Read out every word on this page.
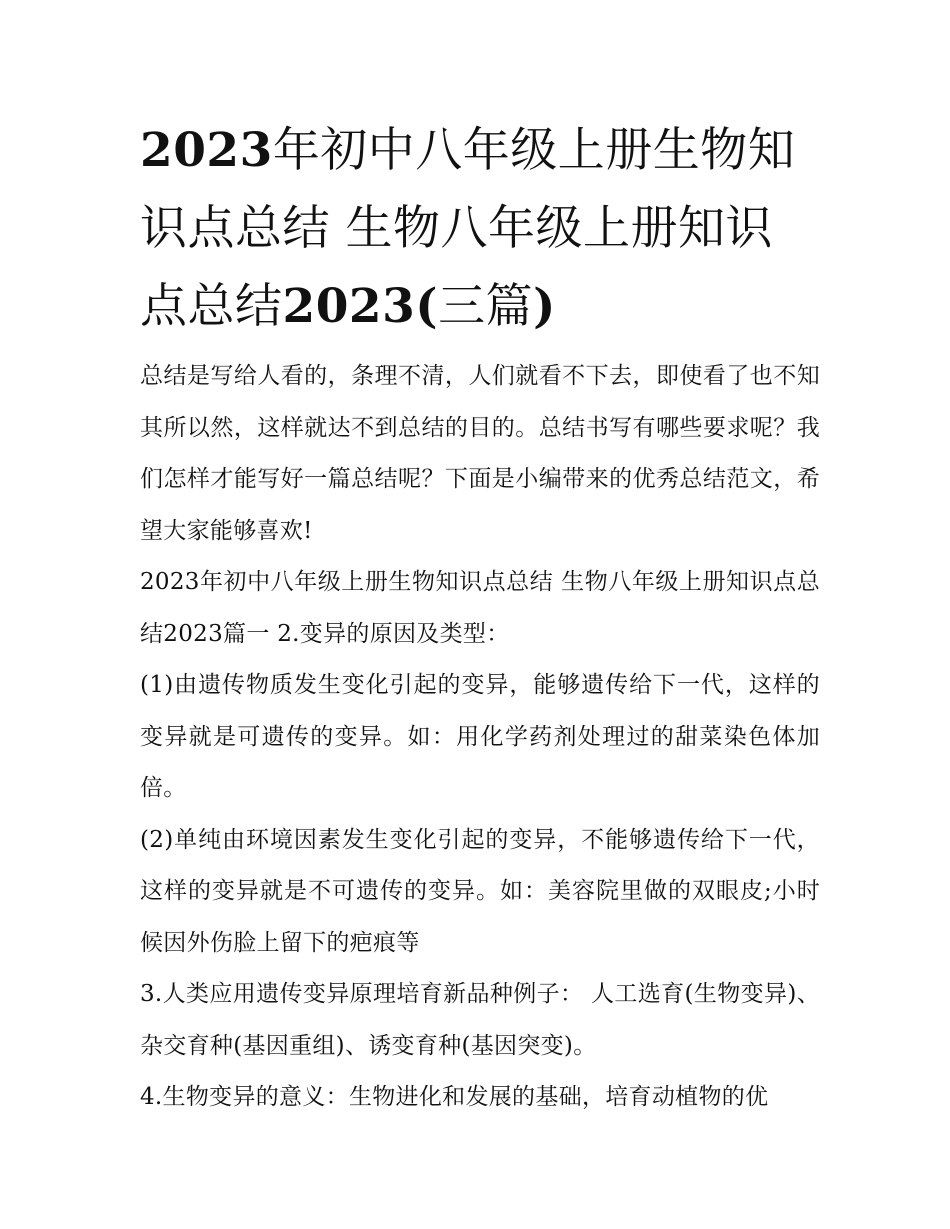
2023年初中八年级上册生物知识点总结 生物八年级上册知识点总结2023(三篇)

总结是写给人看的，条理不清，人们就看不下去，即使看了也不知其所以然，这样就达不到总结的目的。总结书写有哪些要求呢？我们怎样才能写好一篇总结呢？下面是小编带来的优秀总结范文，希望大家能够喜欢!

2023年初中八年级上册生物知识点总结 生物八年级上册知识点总结2023篇一 2.变异的原因及类型：

(1)由遗传物质发生变化引起的变异，能够遗传给下一代，这样的变异就是可遗传的变异。如：用化学药剂处理过的甜菜染色体加倍。

(2)单纯由环境因素发生变化引起的变异，不能够遗传给下一代，这样的变异就是不可遗传的变异。如：美容院里做的双眼皮;小时候因外伤脸上留下的疤痕等

3.人类应用遗传变异原理培育新品种例子： 人工选育(生物变异)、杂交育种(基因重组)、诱变育种(基因突变)。

4.生物变异的意义：生物进化和发展的基础，培育动植物的优
